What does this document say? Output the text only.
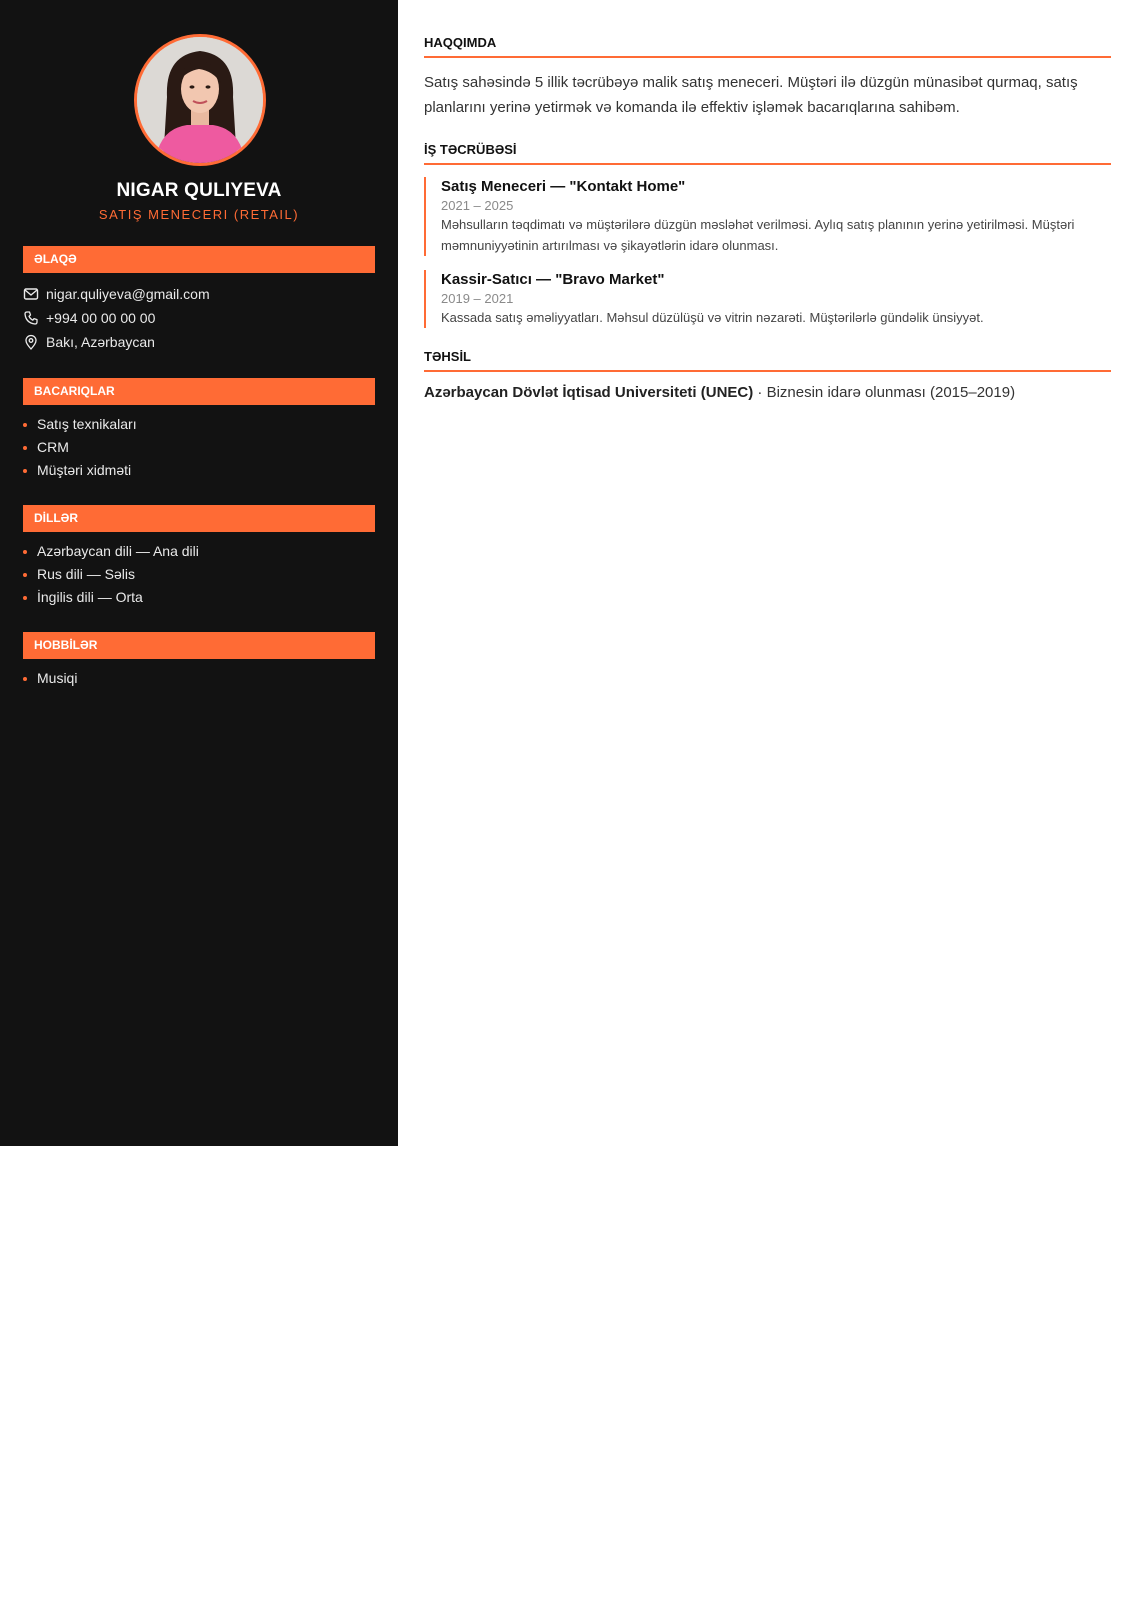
NIGAR QULIYEVA
SATIŞ MENECERI (RETAIL)
ƏLAQƏ
nigar.quliyeva@gmail.com
+994 00 00 00 00
Bakı, Azərbaycan
BACARIQLAR
Satış texnikaları
CRM
Müştəri xidməti
DİLLƏR
Azərbaycan dili — Ana dili
Rus dili — Səlis
İngilis dili — Orta
HOBBİLƏR
Musiqi
HAQQIMDA
Satış sahəsində 5 illik təcrübəyə malik satış meneceri. Müştəri ilə düzgün münasibət qurmaq, satış planlarını yerinə yetirmək və komanda ilə effektiv işləmək bacarıqlarına sahibəm.
İŞ TƏCRÜBƏSİ
Satış Meneceri — "Kontakt Home"
2021 – 2025
Məhsulların təqdimatı və müştərilərə düzgün məsləhət verilməsi. Aylıq satış planının yerinə yetirilməsi. Müştəri məmnuniyyətinin artırılması və şikayətlərin idarə olunması.
Kassir-Satıcı — "Bravo Market"
2019 – 2021
Kassada satış əməliyyatları. Məhsul düzülüşü və vitrin nəzarəti. Müştərilərlə gündəlik ünsiyyət.
TƏHSİL
Azərbaycan Dövlət İqtisad Universiteti (UNEC) · Biznesin idarə olunması (2015–2019)
